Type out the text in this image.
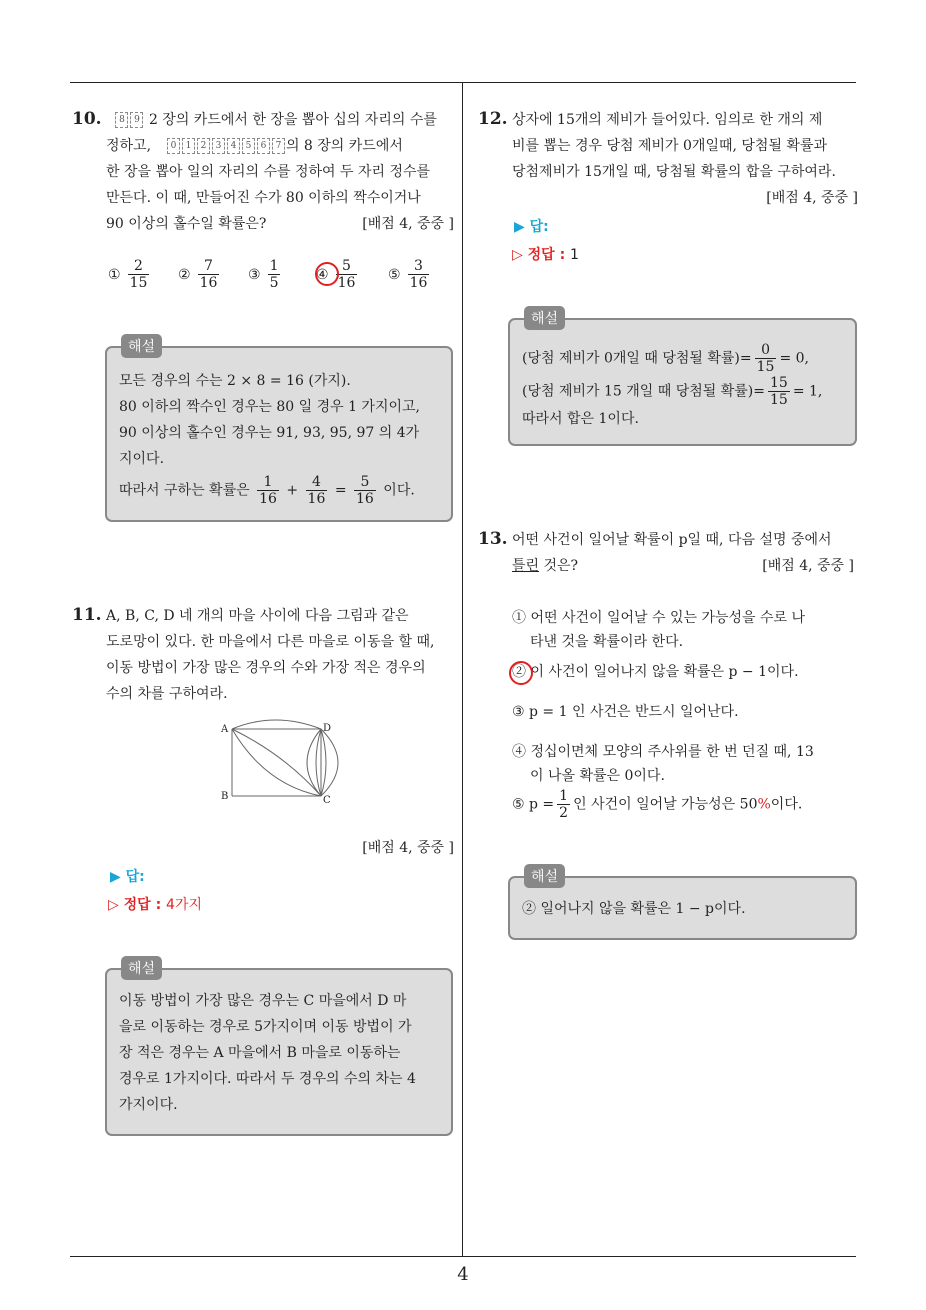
4
10. 8 9 2 장의 카드에서 한 장을 뽑아 십의 자리의 수를
정하고, 0 1 2 3 4 5 6 7 의 8 장의 카드에서
한 장을 뽑아 일의 자리의 수를 정하여 두 자리 정수를
만든다. 이 때, 만들어진 수가 80 이하의 짝수이거나
90 이상의 홀수일 확률은?	[배점 4, 중중 ]
① $\frac{2}{15}$ ② $\frac{7}{16}$ ③ $\frac{1}{5}$	④ $\frac{5}{16}$ ⑤ $\frac{3}{16}$
해설
모든 경우의 수는 2 × 8 = 16 (가지).
80 이하의 짝수인 경우는 80 일 경우 1 가지이고,
90 이상의 홀수인 경우는 91, 93, 95, 97 의 4가
지이다.
따라서 구하는 확률은 $\frac{1}{16} + \frac{4}{16} = \frac{5}{16}$ 이다.
11. A, B, C, D 네 개의 마을 사이에 다음 그림과 같은
도로망이 있다. 한 마을에서 다른 마을로 이동을 할 때,
이동 방법이 가장 많은 경우의 수와 가장 적은 경우의
수의 차를 구하여라.
A
B	C
D
[배점 4, 중중 ]
▶ 답:
▷ 정답 : 4가지
해설
이동 방법이 가장 많은 경우는 C 마을에서 D 마
을로 이동하는 경우로 5가지이며 이동 방법이 가
장 적은 경우는 A 마을에서 B 마을로 이동하는
경우로 1가지이다. 따라서 두 경우의 수의 차는 4
가지이다.
12. 상자에 15개의 제비가 들어있다. 임의로 한 개의 제
비를 뽑는 경우 당첨 제비가 0개일때, 당첨될 확률과
당첨제비가 15개일 때, 당첨될 확률의 합을 구하여라.
[배점 4, 중중 ]
▶ 답:
▷ 정답 : 1
해설
(당첨 제비가 0개일 때 당첨될 확률)= $\frac{0}{15} = 0$,
(당첨 제비가 15 개일 때 당첨될 확률)= $\frac{15}{15} = 1$,
따라서 합은 1이다.
13. 어떤 사건이 일어날 확률이 p일 때, 다음 설명 중에서
틀린 것은?	[배점 4, 중중 ]
① 어떤 사건이 일어날 수 있는 가능성을 수로 나
타낸 것을 확률이라 한다.
② 이 사건이 일어나지 않을 확률은 p − 1이다.
③ p = 1 인 사건은 반드시 일어난다.
④ 정십이면체 모양의 주사위를 한 번 던질 때, 13
이 나올 확률은 0이다.
⑤ $p = \frac{1}{2}$ 인 사건이 일어날 가능성은 50%이다.
해설
② 일어나지 않을 확률은 1 − p이다.
